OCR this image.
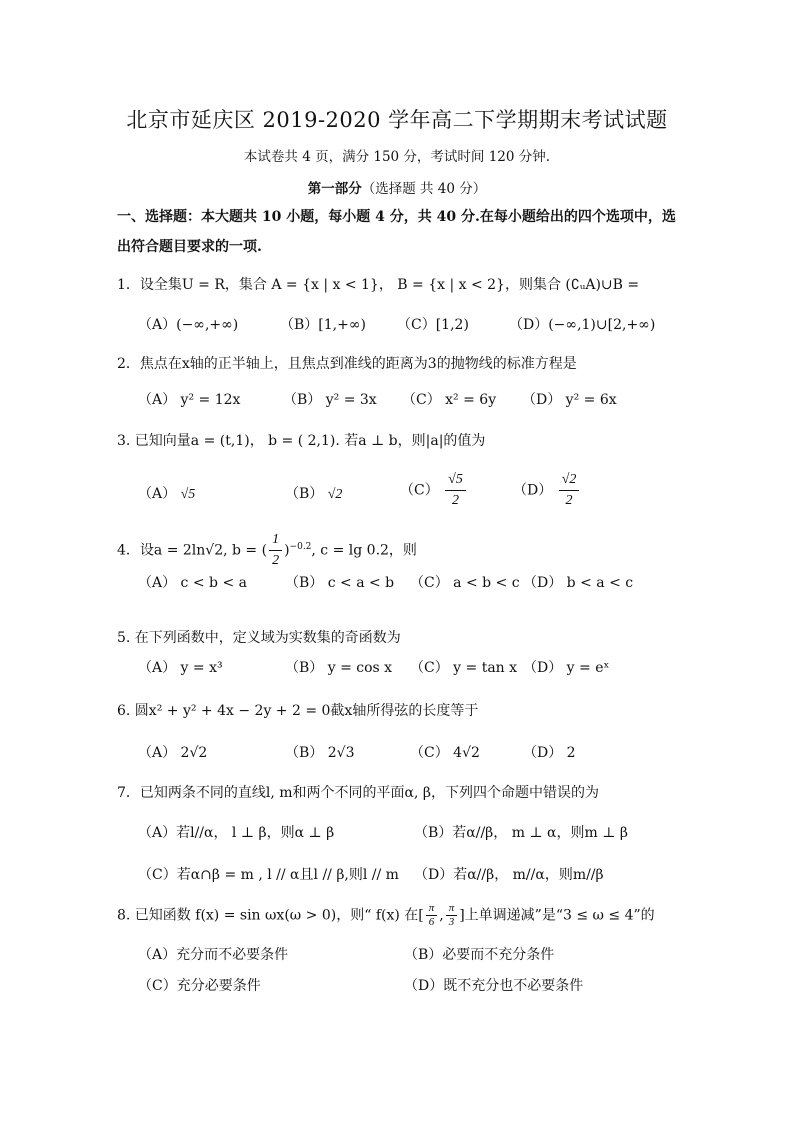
北京市延庆区 2019-2020 学年高二下学期期末考试试题
本试卷共 4 页，满分 150 分，考试时间 120 分钟.
第一部分（选择题 共 40 分）
一、选择题：本大题共 10 小题，每小题 4 分，共 40 分.在每小题给出的四个选项中，选出符合题目要求的一项.
1．设全集U = R，集合 A = {x | x < 1}， B = {x | x < 2}，则集合 (∁ᵤA)∪B =
（A）(−∞,+∞)	（B）[1,+∞) （C）[1,2)	（D）(−∞,1)∪[2,+∞)
2．焦点在x轴的正半轴上，且焦点到准线的距离为3的抛物线的标准方程是
（A） y² = 12x	（B） y² = 3x （C） x² = 6y （D） y² = 6x
3. 已知向量a = (t,1)， b = ( 2,1). 若a ⊥ b，则|a|的值为
（A） √5	（B） √2	$(C) \frac{√5}{2}$	$(D) \frac{√2}{2}$
4．设a = 2ln√2, b = ( $\frac{1}{2} )^{-0.2}$, c = lg 0.2，则
（A） c < b < a	（B） c < a < b （C） a < b < c （D） b < a < c
5. 在下列函数中，定义域为实数集的奇函数为
（A） y = x³	（B） y = cos x （C） y = tan x （D） y = eˣ
6. 圆x² + y² + 4x − 2y + 2 = 0截x轴所得弦的长度等于
（A） 2√2	（B） 2√3	（C） 4√2	（D） 2
7．已知两条不同的直线l, m和两个不同的平面α, β，下列四个命题中错误的为
（A）若l//α， l ⊥ β，则α ⊥ β	（B）若α//β， m ⊥ α，则m ⊥ β
（C）若α∩β = m , l // α且l // β,则l // m （D）若α//β， m//α，则m//β
8. 已知函数 f(x) = sin ωx(ω > 0)，则“ f(x) 在[ $\frac{\pi}{6}$ , $\frac{\pi}{3}$ ]上单调递减”是“3 ≤ ω ≤ 4”的
（A）充分而不必要条件	（B）必要而不充分条件
（C）充分必要条件	（D）既不充分也不必要条件
